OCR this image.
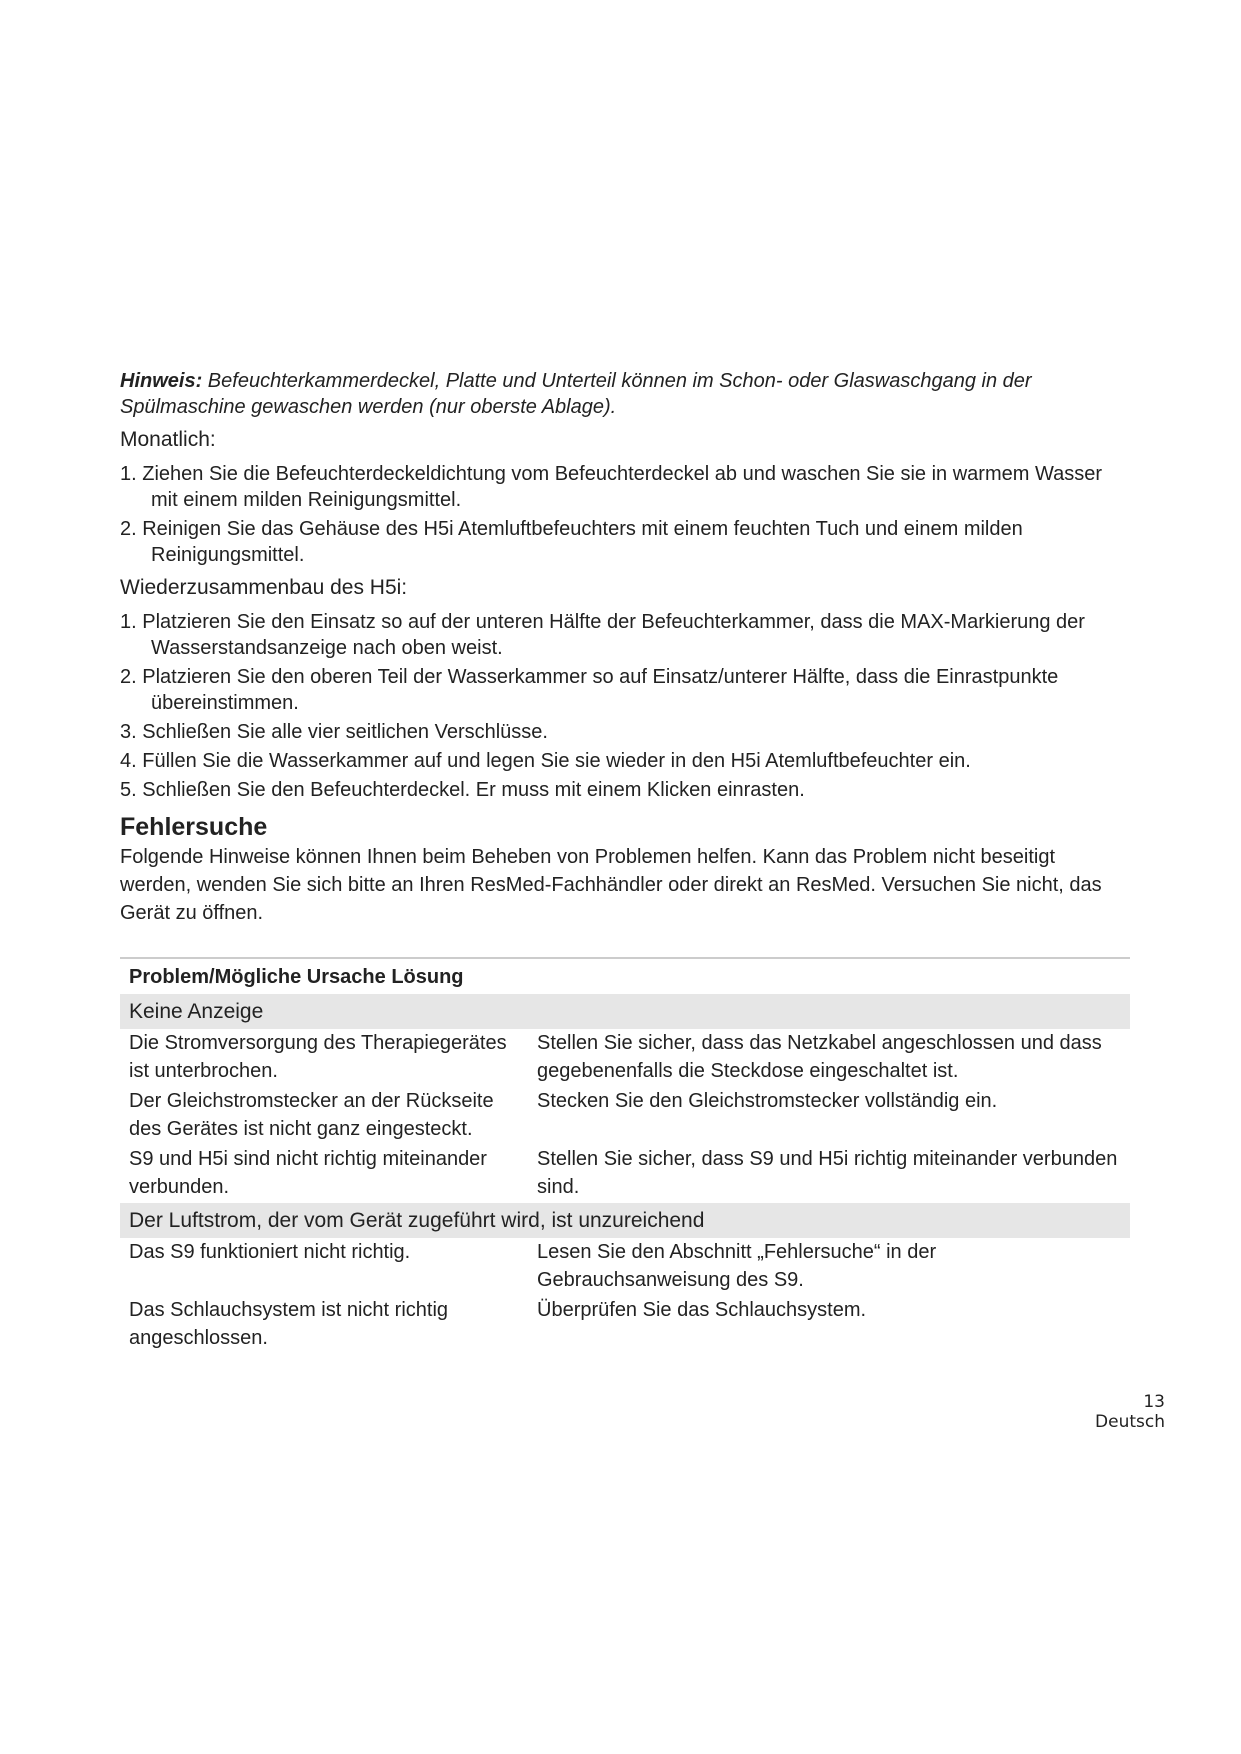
Hinweis: Befeuchterkammerdeckel, Platte und Unterteil können im Schon- oder Glaswaschgang in der Spülmaschine gewaschen werden (nur oberste Ablage).

Monatlich:
1. Ziehen Sie die Befeuchterdeckeldichtung vom Befeuchterdeckel ab und waschen Sie sie in warmem Wasser mit einem milden Reinigungsmittel.
2. Reinigen Sie das Gehäuse des H5i Atemluftbefeuchters mit einem feuchten Tuch und einem milden Reinigungsmittel.
Wiederzusammenbau des H5i:
1. Platzieren Sie den Einsatz so auf der unteren Hälfte der Befeuchterkammer, dass die MAX-Markierung der Wasserstandsanzeige nach oben weist.
2. Platzieren Sie den oberen Teil der Wasserkammer so auf Einsatz/unterer Hälfte, dass die Einrastpunkte übereinstimmen.
3. Schließen Sie alle vier seitlichen Verschlüsse.
4. Füllen Sie die Wasserkammer auf und legen Sie sie wieder in den H5i Atemluftbefeuchter ein.
5. Schließen Sie den Befeuchterdeckel. Er muss mit einem Klicken einrasten.
Fehlersuche

Folgende Hinweise können Ihnen beim Beheben von Problemen helfen. Kann das Problem nicht beseitigt werden, wenden Sie sich bitte an Ihren ResMed-Fachhändler oder direkt an ResMed. Versuchen Sie nicht, das Gerät zu öffnen.

Problem/Mögliche Ursache Lösung	
Keine Anzeige	
Die Stromversorgung des Therapiegerätes ist unterbrochen.	Stellen Sie sicher, dass das Netzkabel angeschlossen und dass gegebenenfalls die Steckdose eingeschaltet ist.
Der Gleichstromstecker an der Rückseite des Gerätes ist nicht ganz eingesteckt.	Stecken Sie den Gleichstromstecker vollständig ein.
S9 und H5i sind nicht richtig miteinander verbunden.	Stellen Sie sicher, dass S9 und H5i richtig miteinander verbunden sind.
Der Luftstrom, der vom Gerät zugeführt wird, ist unzureichend	
Das S9 funktioniert nicht richtig.	Lesen Sie den Abschnitt „Fehlersuche“ in der Gebrauchsanweisung des S9.
Das Schlauchsystem ist nicht richtig angeschlossen.	Überprüfen Sie das Schlauchsystem.
13
Deutsch
